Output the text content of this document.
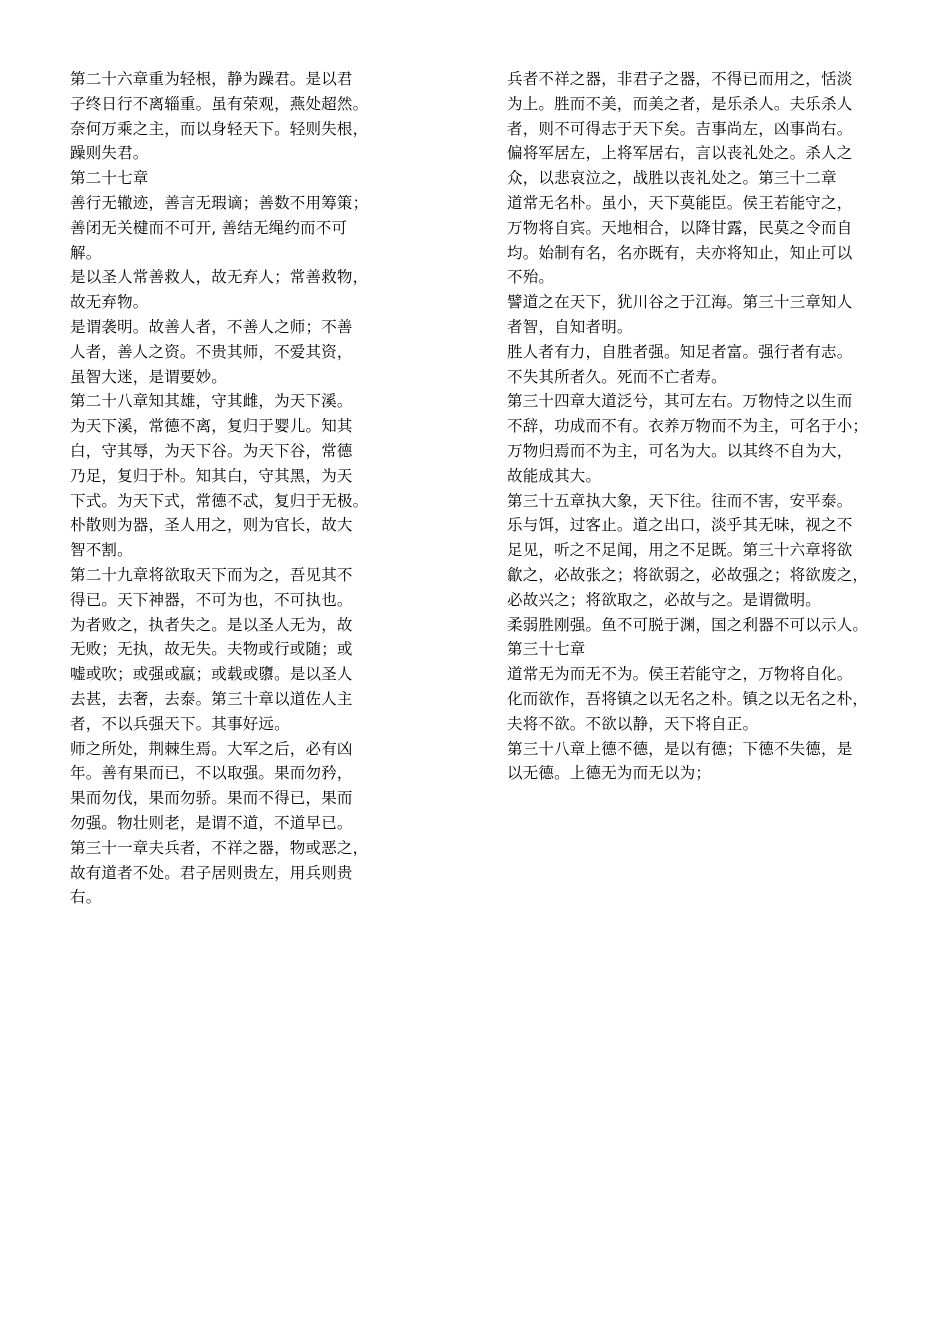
第二十六章重为轻根，静为躁君。是以君
子终日行不离辎重。虽有荣观，燕处超然。
奈何万乘之主，而以身轻天下。轻则失根，
躁则失君。
第二十七章
善行无辙迹，善言无瑕谪；善数不用筹策；
善闭无关楗而不可开, 善结无绳约而不可
解。
是以圣人常善救人，故无弃人；常善救物，
故无弃物。
是谓袭明。故善人者，不善人之师；不善
人者，善人之资。不贵其师，不爱其资，
虽智大迷，是谓要妙。
第二十八章知其雄，守其雌，为天下溪。
为天下溪，常德不离，复归于婴儿。知其
白，守其辱，为天下谷。为天下谷，常德
乃足，复归于朴。知其白，守其黑，为天
下式。为天下式，常德不忒，复归于无极。
朴散则为器，圣人用之，则为官长，故大
智不割。
第二十九章将欲取天下而为之，吾见其不
得已。天下神器，不可为也，不可执也。
为者败之，执者失之。是以圣人无为，故
无败；无执，故无失。夫物或行或随；或
嘘或吹；或强或羸；或载或隳。是以圣人
去甚，去奢，去泰。第三十章以道佐人主
者，不以兵强天下。其事好远。
师之所处，荆棘生焉。大军之后，必有凶
年。善有果而已，不以取强。果而勿矜，
果而勿伐，果而勿骄。果而不得已，果而
勿强。物壮则老，是谓不道，不道早已。
第三十一章夫兵者，不祥之器，物或恶之，
故有道者不处。君子居则贵左，用兵则贵
右。
兵者不祥之器，非君子之器，不得已而用之，恬淡
为上。胜而不美，而美之者，是乐杀人。夫乐杀人
者，则不可得志于天下矣。吉事尚左，凶事尚右。
偏将军居左，上将军居右，言以丧礼处之。杀人之
众，以悲哀泣之，战胜以丧礼处之。第三十二章
道常无名朴。虽小，天下莫能臣。侯王若能守之，
万物将自宾。天地相合，以降甘露，民莫之令而自
均。始制有名，名亦既有，夫亦将知止，知止可以
不殆。
譬道之在天下，犹川谷之于江海。第三十三章知人
者智，自知者明。
胜人者有力，自胜者强。知足者富。强行者有志。
不失其所者久。死而不亡者寿。
第三十四章大道泛兮，其可左右。万物恃之以生而
不辞，功成而不有。衣养万物而不为主，可名于小；
万物归焉而不为主，可名为大。以其终不自为大，
故能成其大。
第三十五章执大象，天下往。往而不害，安平泰。
乐与饵，过客止。道之出口，淡乎其无味，视之不
足见，听之不足闻，用之不足既。第三十六章将欲
歙之，必故张之；将欲弱之，必故强之；将欲废之，
必故兴之；将欲取之，必故与之。是谓微明。
柔弱胜刚强。鱼不可脱于渊，国之利器不可以示人。
第三十七章
道常无为而无不为。侯王若能守之，万物将自化。
化而欲作，吾将镇之以无名之朴。镇之以无名之朴，
夫将不欲。不欲以静，天下将自正。
第三十八章上德不德，是以有德；下德不失德，是
以无德。上德无为而无以为；
